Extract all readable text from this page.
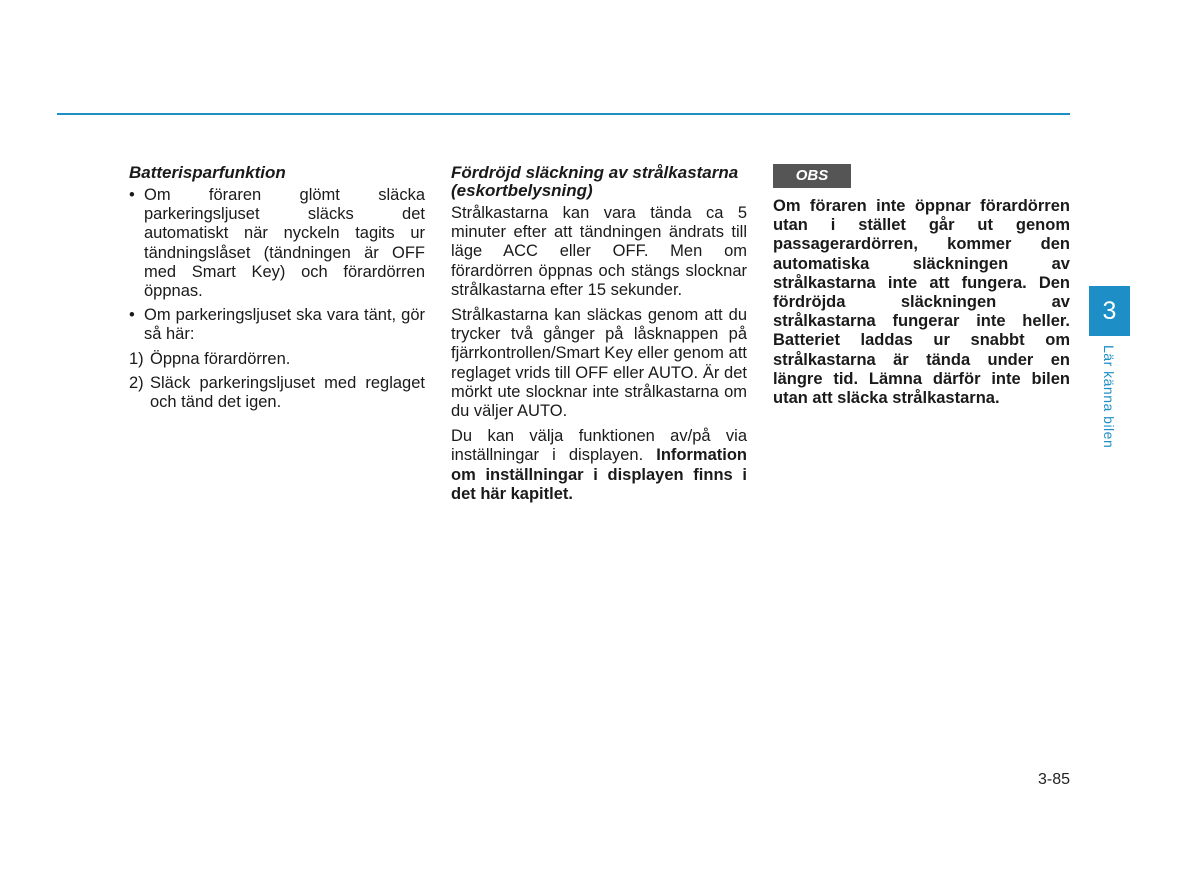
Batterisparfunktion
• Om föraren glömt släcka parkeringsljuset släcks det automatiskt när nyckeln tagits ur tändningslåset (tändningen är OFF med Smart Key) och förardörren öppnas.
• Om parkeringsljuset ska vara tänt, gör så här:
1) Öppna förardörren.
2) Släck parkeringsljuset med reglaget och tänd det igen.
Fördröjd släckning av strålkastarna (eskortbelysning)

Strålkastarna kan vara tända ca 5 minuter efter att tändningen ändrats till läge ACC eller OFF. Men om förardörren öppnas och stängs slocknar strålkastarna efter 15 sekunder.

Strålkastarna kan släckas genom att du trycker två gånger på låsknappen på fjärrkontrollen/Smart Key eller genom att reglaget vrids till OFF eller AUTO. Är det mörkt ute slocknar inte strålkastarna om du väljer AUTO.

Du kan välja funktionen av/på via inställningar i displayen. Information om inställningar i displayen finns i det här kapitlet.

OBS

Om föraren inte öppnar förardörren utan i stället går ut genom passagerardörren, kommer den automatiska släckningen av strålkastarna inte att fungera. Den fördröjda släckningen av strålkastarna fungerar inte heller. Batteriet laddas ur snabbt om strålkastarna är tända under en längre tid. Lämna därför inte bilen utan att släcka strålkastarna.

3
Lär känna bilen
3-85
